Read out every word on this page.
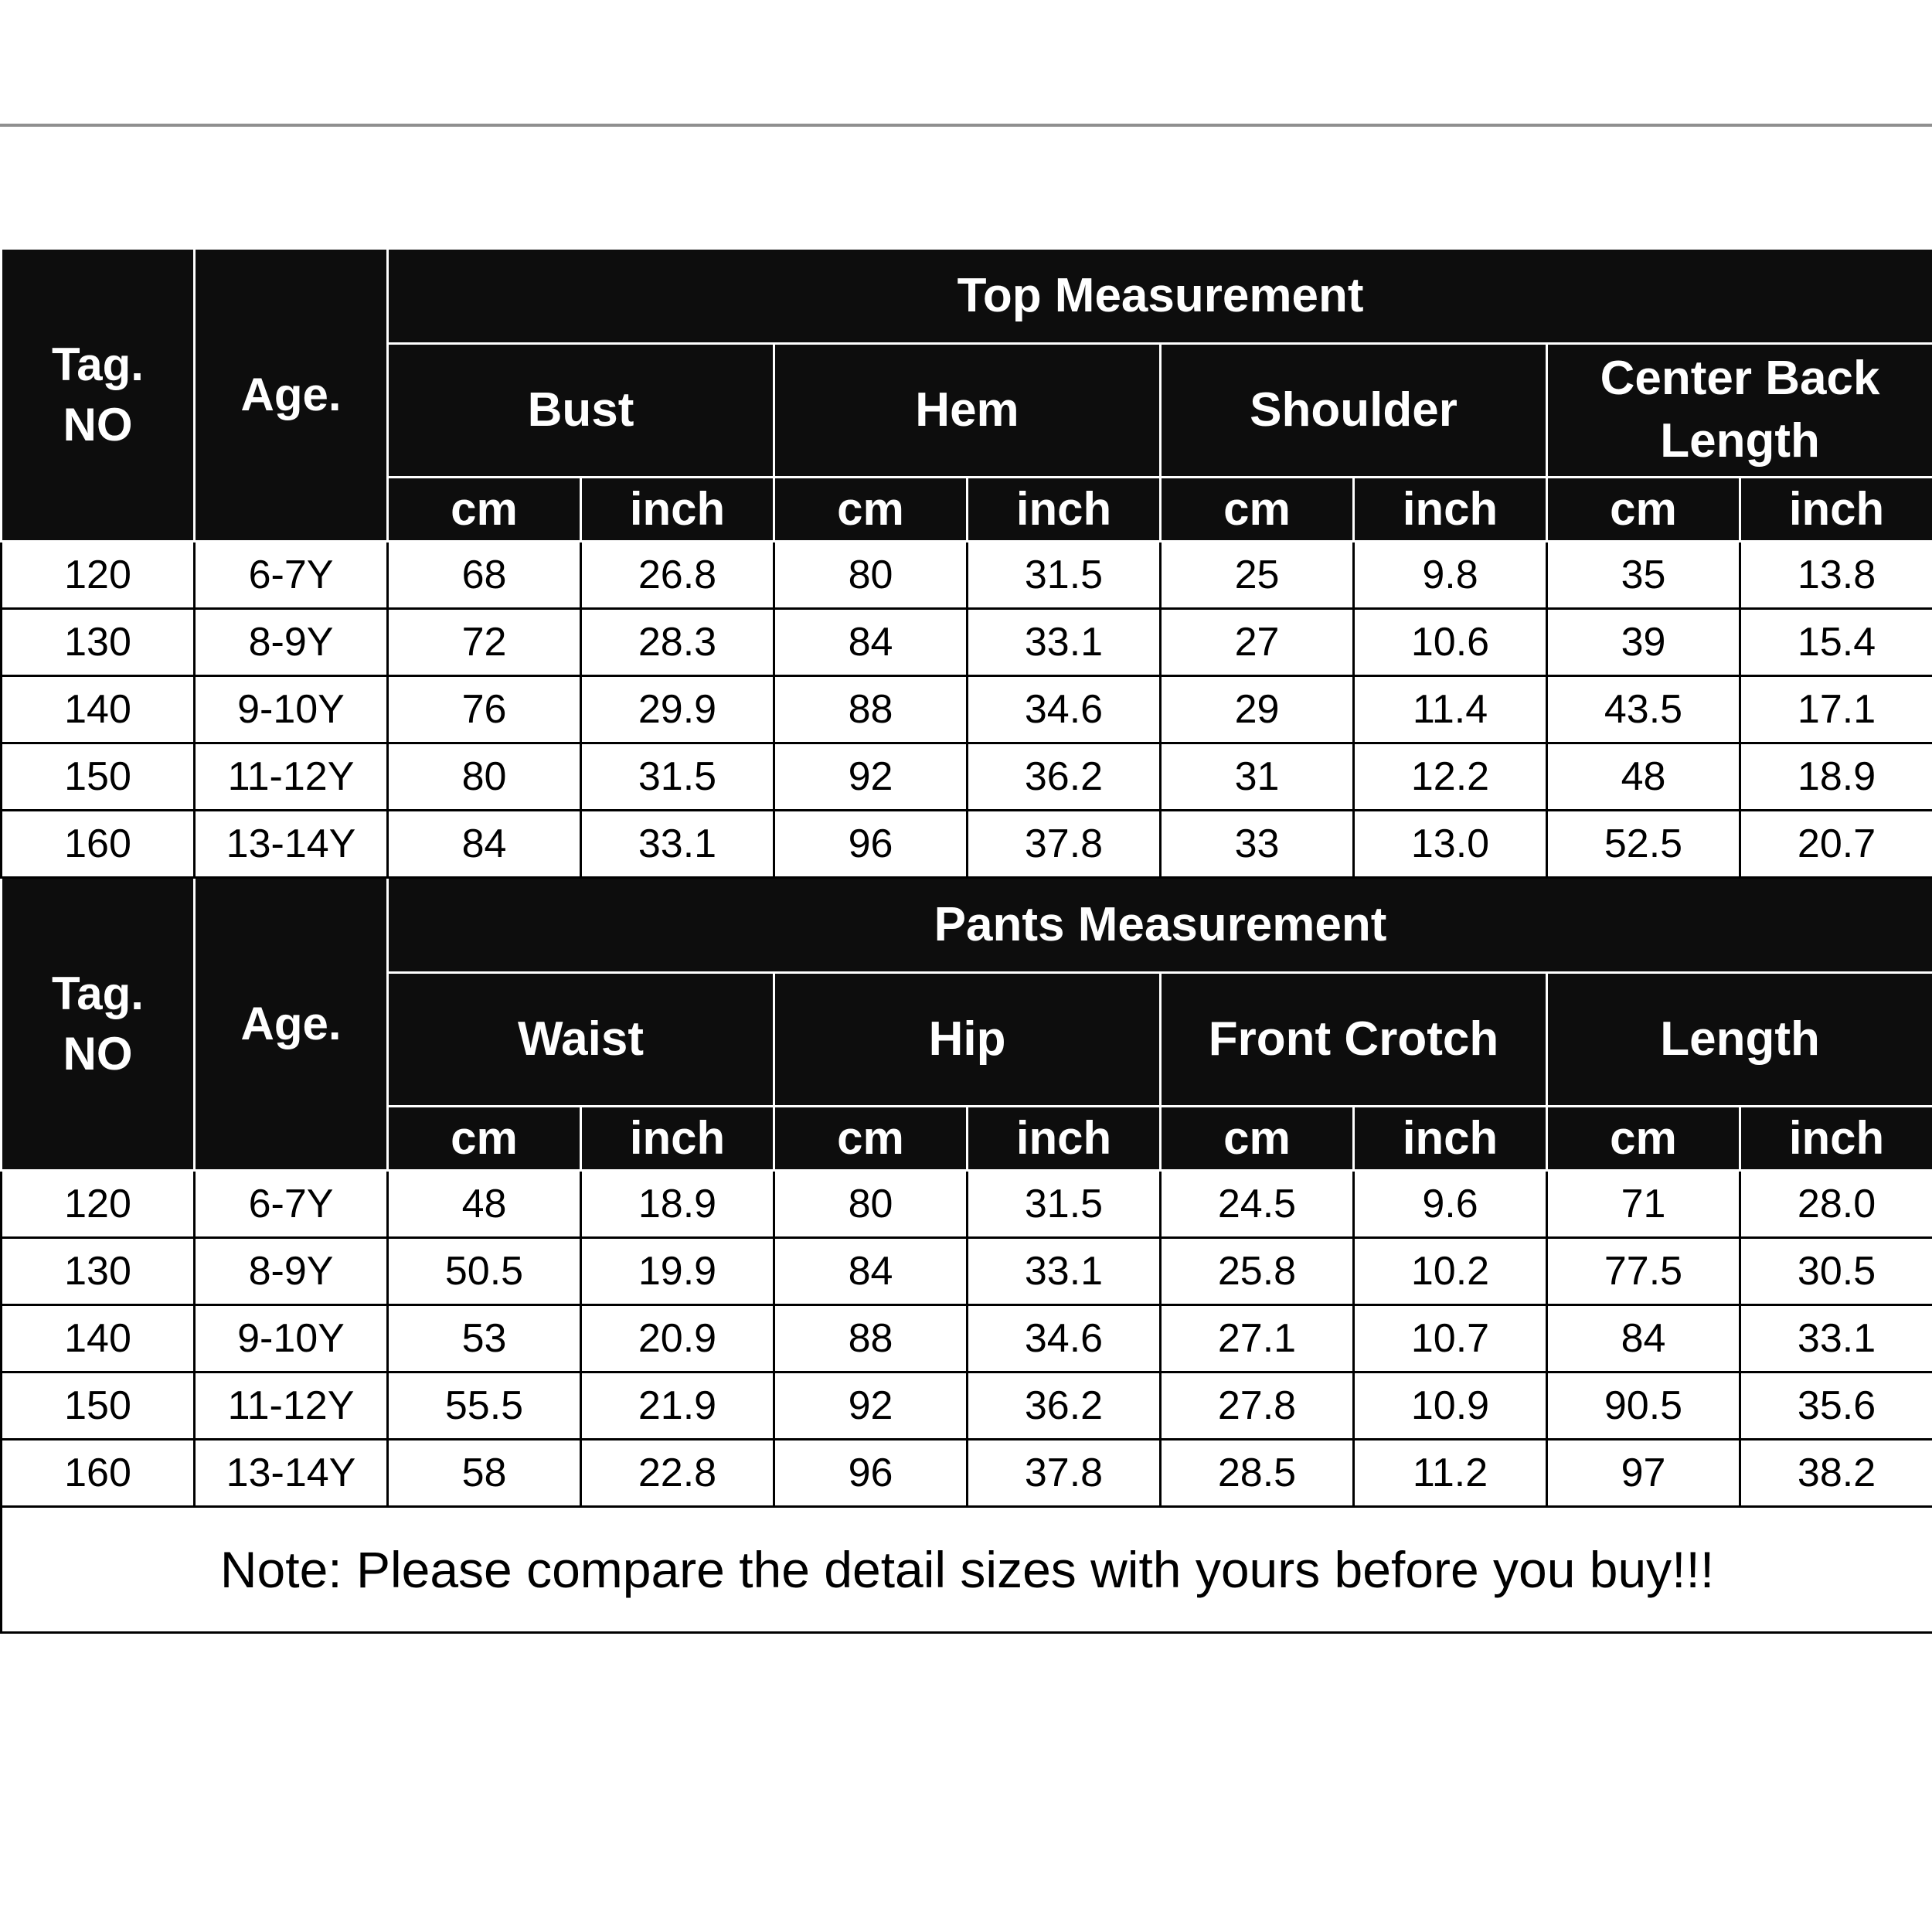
Tag.
NO	Age.	Top Measurement							
		Bust		Hem		Shoulder		Center Back Length	
		cm	inch	cm	inch	cm	inch	cm	inch
120	6-7Y	68	26.8	80	31.5	25	9.8	35	13.8
130	8-9Y	72	28.3	84	33.1	27	10.6	39	15.4
140	9-10Y	76	29.9	88	34.6	29	11.4	43.5	17.1
150	11-12Y	80	31.5	92	36.2	31	12.2	48	18.9
160	13-14Y	84	33.1	96	37.8	33	13.0	52.5	20.7
Tag.
NO	Age.	Pants Measurement							
		Waist		Hip		Front Crotch		Length	
		cm	inch	cm	inch	cm	inch	cm	inch
120	6-7Y	48	18.9	80	31.5	24.5	9.6	71	28.0
130	8-9Y	50.5	19.9	84	33.1	25.8	10.2	77.5	30.5
140	9-10Y	53	20.9	88	34.6	27.1	10.7	84	33.1
150	11-12Y	55.5	21.9	92	36.2	27.8	10.9	90.5	35.6
160	13-14Y	58	22.8	96	37.8	28.5	11.2	97	38.2
Note: Please compare the detail sizes with yours before you buy!!!									
